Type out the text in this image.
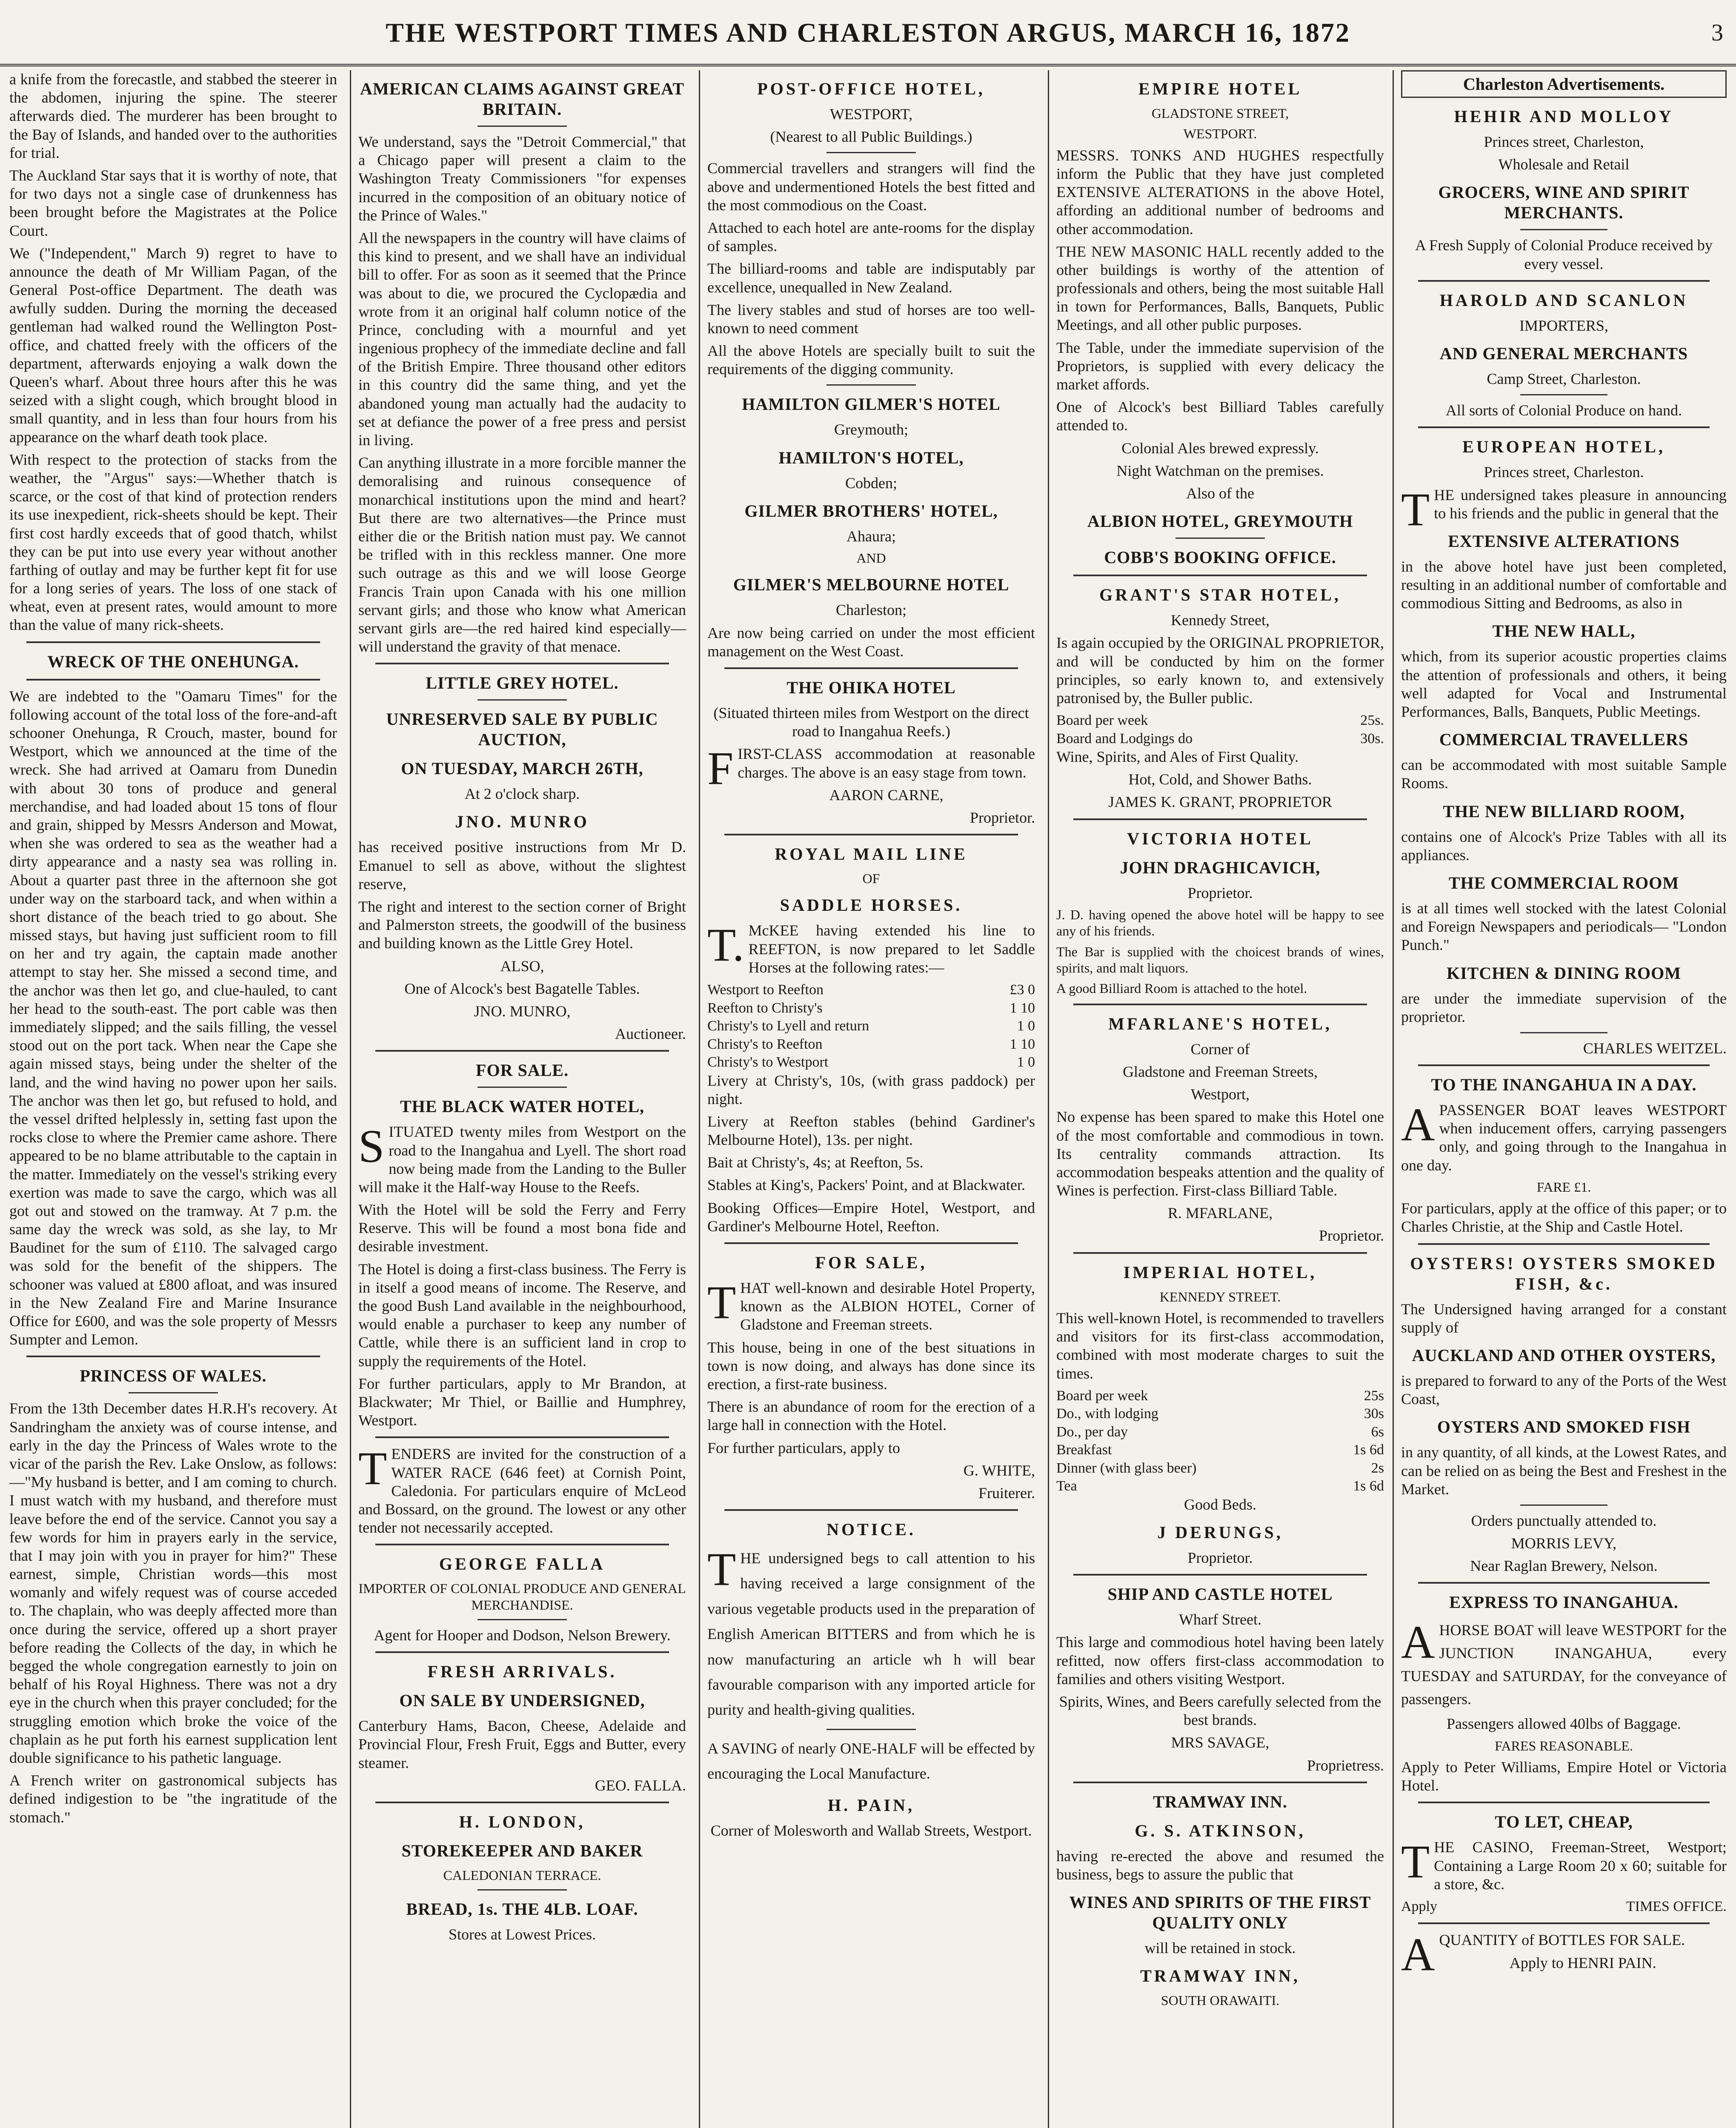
THE WESTPORT TIMES AND CHARLESTON ARGUS, MARCH 16, 1872	3

a knife from the forecastle, and stabbed the steerer in the abdomen, injuring the spine. The steerer afterwards died. The murderer has been brought to the Bay of Islands, and handed over to the authorities for trial.

The Auckland Star says that it is worthy of note, that for two days not a single case of drunkenness has been brought before the Magistrates at the Police Court.

We ("Independent," March 9) regret to have to announce the death of Mr William Pagan, of the General Post-office Department. The death was awfully sudden. During the morning the deceased gentleman had walked round the Wellington Post-office, and chatted freely with the officers of the department, afterwards enjoying a walk down the Queen's wharf. About three hours after this he was seized with a slight cough, which brought blood in small quantity, and in less than four hours from his appearance on the wharf death took place.

With respect to the protection of stacks from the weather, the "Argus" says:—Whether thatch is scarce, or the cost of that kind of protection renders its use inexpedient, rick-sheets should be kept. Their first cost hardly exceeds that of good thatch, whilst they can be put into use every year without another farthing of outlay and may be further kept fit for use for a long series of years. The loss of one stack of wheat, even at present rates, would amount to more than the value of many rick-sheets.

WRECK OF THE ONEHUNGA.

We are indebted to the "Oamaru Times" for the following account of the total loss of the fore-and-aft schooner Onehunga, R Crouch, master, bound for Westport, which we announced at the time of the wreck. She had arrived at Oamaru from Dunedin with about 30 tons of produce and general merchandise, and had loaded about 15 tons of flour and grain, shipped by Messrs Anderson and Mowat, when she was ordered to sea as the weather had a dirty appearance and a nasty sea was rolling in. About a quarter past three in the afternoon she got under way on the starboard tack, and when within a short distance of the beach tried to go about. She missed stays, but having just sufficient room to fill on her and try again, the captain made another attempt to stay her. She missed a second time, and the anchor was then let go, and clue-hauled, to cant her head to the south-east. The port cable was then immediately slipped; and the sails filling, the vessel stood out on the port tack. When near the Cape she again missed stays, being under the shelter of the land, and the wind having no power upon her sails. The anchor was then let go, but refused to hold, and the vessel drifted helplessly in, setting fast upon the rocks close to where the Premier came ashore. There appeared to be no blame attributable to the captain in the matter. Immediately on the vessel's striking every exertion was made to save the cargo, which was all got out and stowed on the tramway. At 7 p.m. the same day the wreck was sold, as she lay, to Mr Baudinet for the sum of £110. The salvaged cargo was sold for the benefit of the shippers. The schooner was valued at £800 afloat, and was insured in the New Zealand Fire and Marine Insurance Office for £600, and was the sole property of Messrs Sumpter and Lemon.

PRINCESS OF WALES.

From the 13th December dates H.R.H's recovery. At Sandringham the anxiety was of course intense, and early in the day the Princess of Wales wrote to the vicar of the parish the Rev. Lake Onslow, as follows:—"My husband is better, and I am coming to church. I must watch with my husband, and therefore must leave before the end of the service. Cannot you say a few words for him in prayers early in the service, that I may join with you in prayer for him?" These earnest, simple, Christian words—this most womanly and wifely request was of course acceded to. The chaplain, who was deeply affected more than once during the service, offered up a short prayer before reading the Collects of the day, in which he begged the whole congregation earnestly to join on behalf of his Royal Highness. There was not a dry eye in the church when this prayer concluded; for the struggling emotion which broke the voice of the chaplain as he put forth his earnest supplication lent double significance to his pathetic language.

A French writer on gastronomical subjects has defined indigestion to be "the ingratitude of the stomach."

AMERICAN CLAIMS AGAINST GREAT BRITAIN.

We understand, says the "Detroit Commercial," that a Chicago paper will present a claim to the Washington Treaty Commissioners "for expenses incurred in the composition of an obituary notice of the Prince of Wales."

All the newspapers in the country will have claims of this kind to present, and we shall have an individual bill to offer. For as soon as it seemed that the Prince was about to die, we procured the Cyclopædia and wrote from it an original half column notice of the Prince, concluding with a mournful and yet ingenious prophecy of the immediate decline and fall of the British Empire. Three thousand other editors in this country did the same thing, and yet the abandoned young man actually had the audacity to set at defiance the power of a free press and persist in living.

Can anything illustrate in a more forcible manner the demoralising and ruinous consequence of monarchical institutions upon the mind and heart? But there are two alternatives—the Prince must either die or the British nation must pay. We cannot be trifled with in this reckless manner. One more such outrage as this and we will loose George Francis Train upon Canada with his one million servant girls; and those who know what American servant girls are—the red haired kind especially—will understand the gravity of that menace.

LITTLE GREY HOTEL.
UNRESERVED SALE BY PUBLIC AUCTION,
ON TUESDAY, MARCH 26TH,

At 2 o'clock sharp.

JNO. MUNRO

has received positive instructions from Mr D. Emanuel to sell as above, without the slightest reserve,

The right and interest to the section corner of Bright and Palmerston streets, the goodwill of the business and building known as the Little Grey Hotel.

ALSO,

One of Alcock's best Bagatelle Tables.

JNO. MUNRO,

Auctioneer.

FOR SALE.
THE BLACK WATER HOTEL,

SITUATED twenty miles from Westport on the road to the Inangahua and Lyell. The short road now being made from the Landing to the Buller will make it the Half-way House to the Reefs.

With the Hotel will be sold the Ferry and Ferry Reserve. This will be found a most bona fide and desirable investment.

The Hotel is doing a first-class business. The Ferry is in itself a good means of income. The Reserve, and the good Bush Land available in the neighbourhood, would enable a purchaser to keep any number of Cattle, while there is an sufficient land in crop to supply the requirements of the Hotel.

For further particulars, apply to Mr Brandon, at Blackwater; Mr Thiel, or Baillie and Humphrey, Westport.

TENDERS are invited for the construction of a WATER RACE (646 feet) at Cornish Point, Caledonia. For particulars enquire of McLeod and Bossard, on the ground. The lowest or any other tender not necessarily accepted.

GEORGE FALLA

IMPORTER OF COLONIAL PRODUCE AND GENERAL MERCHANDISE.

Agent for Hooper and Dodson, Nelson Brewery.

FRESH ARRIVALS.
ON SALE BY UNDERSIGNED,

Canterbury Hams, Bacon, Cheese, Adelaide and Provincial Flour, Fresh Fruit, Eggs and Butter, every steamer.

GEO. FALLA.

H. LONDON,
STOREKEEPER AND BAKER

CALEDONIAN TERRACE.

BREAD, 1s. THE 4LB. LOAF.

Stores at Lowest Prices.

POST-OFFICE HOTEL,

WESTPORT,

(Nearest to all Public Buildings.)

Commercial travellers and strangers will find the above and undermentioned Hotels the best fitted and the most commodious on the Coast.

Attached to each hotel are ante-rooms for the display of samples.

The billiard-rooms and table are indisputably par excellence, unequalled in New Zealand.

The livery stables and stud of horses are too well-known to need comment

All the above Hotels are specially built to suit the requirements of the digging community.

HAMILTON GILMER'S HOTEL

Greymouth;

HAMILTON'S HOTEL,

Cobden;

GILMER BROTHERS' HOTEL,

Ahaura;

AND

GILMER'S MELBOURNE HOTEL

Charleston;

Are now being carried on under the most efficient management on the West Coast.

THE OHIKA HOTEL

(Situated thirteen miles from Westport on the direct road to Inangahua Reefs.)

FIRST-CLASS accommodation at reasonable charges. The above is an easy stage from town.

AARON CARNE,

Proprietor.

ROYAL MAIL LINE

OF

SADDLE HORSES.

T.McKEE having extended his line to REEFTON, is now prepared to let Saddle Horses at the following rates:—

Westport to Reefton	£3 0
Reefton to Christy's	1 10
Christy's to Lyell and return	1 0
Christy's to Reefton	1 10
Christy's to Westport	1 0

Livery at Christy's, 10s, (with grass paddock) per night.

Livery at Reefton stables (behind Gardiner's Melbourne Hotel), 13s. per night.

Bait at Christy's, 4s; at Reefton, 5s.

Stables at King's, Packers' Point, and at Blackwater.

Booking Offices—Empire Hotel, Westport, and Gardiner's Melbourne Hotel, Reefton.

FOR SALE,

THAT well-known and desirable Hotel Property, known as the ALBION HOTEL, Corner of Gladstone and Freeman streets.

This house, being in one of the best situations in town is now doing, and always has done since its erection, a first-rate business.

There is an abundance of room for the erection of a large hall in connection with the Hotel.

For further particulars, apply to

G. WHITE,

Fruiterer.

NOTICE.

THE undersigned begs to call attention to his having received a large consignment of the various vegetable products used in the preparation of English American BITTERS and from which he is now manufacturing an article wh h will bear favourable comparison with any imported article for purity and health-giving qualities.

A SAVING of nearly ONE-HALF will be effected by encouraging the Local Manufacture.

H. PAIN,

Corner of Molesworth and Wallab Streets, Westport.

EMPIRE HOTEL

GLADSTONE STREET,

WESTPORT.

MESSRS. TONKS AND HUGHES respectfully inform the Public that they have just completed EXTENSIVE ALTERATIONS in the above Hotel, affording an additional number of bedrooms and other accommodation.

THE NEW MASONIC HALL recently added to the other buildings is worthy of the attention of professionals and others, being the most suitable Hall in town for Performances, Balls, Banquets, Public Meetings, and all other public purposes.

The Table, under the immediate supervision of the Proprietors, is supplied with every delicacy the market affords.

One of Alcock's best Billiard Tables carefully attended to.

Colonial Ales brewed expressly.

Night Watchman on the premises.

Also of the

ALBION HOTEL, GREYMOUTH
COBB'S BOOKING OFFICE.
GRANT'S STAR HOTEL,

Kennedy Street,

Is again occupied by the ORIGINAL PROPRIETOR, and will be conducted by him on the former principles, so early known to, and extensively patronised by, the Buller public.

Board per week	25s.
Board and Lodgings do	30s.

Wine, Spirits, and Ales of First Quality.

Hot, Cold, and Shower Baths.

JAMES K. GRANT, PROPRIETOR

VICTORIA HOTEL
JOHN DRAGHICAVICH,

Proprietor.

J. D. having opened the above hotel will be happy to see any of his friends.

The Bar is supplied with the choicest brands of wines, spirits, and malt liquors.

A good Billiard Room is attached to the hotel.

MFARLANE'S HOTEL,

Corner of

Gladstone and Freeman Streets,

Westport,

No expense has been spared to make this Hotel one of the most comfortable and commodious in town. Its centrality commands attraction. Its accommodation bespeaks attention and the quality of Wines is perfection. First-class Billiard Table.

R. MFARLANE,

Proprietor.

IMPERIAL HOTEL,

KENNEDY STREET.

This well-known Hotel, is recommended to travellers and visitors for its first-class accommodation, combined with most moderate charges to suit the times.

Board per week	25s
Do., with lodging	30s
Do., per day	6s
Breakfast	1s 6d
Dinner (with glass beer)	2s
Tea	1s 6d

Good Beds.

J DERUNGS,

Proprietor.

SHIP AND CASTLE HOTEL

Wharf Street.

This large and commodious hotel having been lately refitted, now offers first-class accommodation to families and others visiting Westport.

Spirits, Wines, and Beers carefully selected from the best brands.

MRS SAVAGE,

Proprietress.

TRAMWAY INN.
G. S. ATKINSON,

having re-erected the above and resumed the business, begs to assure the public that

WINES AND SPIRITS OF THE FIRST QUALITY ONLY

will be retained in stock.

TRAMWAY INN,

SOUTH ORAWAITI.

Charleston Advertisements.
HEHIR AND MOLLOY

Princes street, Charleston,

Wholesale and Retail

GROCERS, WINE AND SPIRIT MERCHANTS.

A Fresh Supply of Colonial Produce received by every vessel.

HAROLD AND SCANLON

IMPORTERS,

AND GENERAL MERCHANTS

Camp Street, Charleston.

All sorts of Colonial Produce on hand.

EUROPEAN HOTEL,

Princes street, Charleston.

THE undersigned takes pleasure in announcing to his friends and the public in general that the

EXTENSIVE ALTERATIONS

in the above hotel have just been completed, resulting in an additional number of comfortable and commodious Sitting and Bedrooms, as also in

THE NEW HALL,

which, from its superior acoustic properties claims the attention of professionals and others, it being well adapted for Vocal and Instrumental Performances, Balls, Banquets, Public Meetings.

COMMERCIAL TRAVELLERS

can be accommodated with most suitable Sample Rooms.

THE NEW BILLIARD ROOM,

contains one of Alcock's Prize Tables with all its appliances.

THE COMMERCIAL ROOM

is at all times well stocked with the latest Colonial and Foreign Newspapers and periodicals— "London Punch."

KITCHEN & DINING ROOM

are under the immediate supervision of the proprietor.

CHARLES WEITZEL.

TO THE INANGAHUA IN A DAY.

APASSENGER BOAT leaves WESTPORT when inducement offers, carrying passengers only, and going through to the Inangahua in one day.

FARE £1.

For particulars, apply at the office of this paper; or to Charles Christie, at the Ship and Castle Hotel.

OYSTERS! OYSTERS SMOKED FISH, &c.

The Undersigned having arranged for a constant supply of

AUCKLAND AND OTHER OYSTERS,

is prepared to forward to any of the Ports of the West Coast,

OYSTERS AND SMOKED FISH

in any quantity, of all kinds, at the Lowest Rates, and can be relied on as being the Best and Freshest in the Market.

Orders punctually attended to.

MORRIS LEVY,

Near Raglan Brewery, Nelson.

EXPRESS TO INANGAHUA.

AHORSE BOAT will leave WESTPORT for the JUNCTION INANGAHUA, every TUESDAY and SATURDAY, for the conveyance of passengers.

Passengers allowed 40lbs of Baggage.

FARES REASONABLE.

Apply to Peter Williams, Empire Hotel or Victoria Hotel.

TO LET, CHEAP,

THE CASINO, Freeman-Street, Westport; Containing a Large Room 20 x 60; suitable for a store, &c.

Apply	TIMES OFFICE.

AQUANTITY of BOTTLES FOR SALE.

Apply to HENRI PAIN.
